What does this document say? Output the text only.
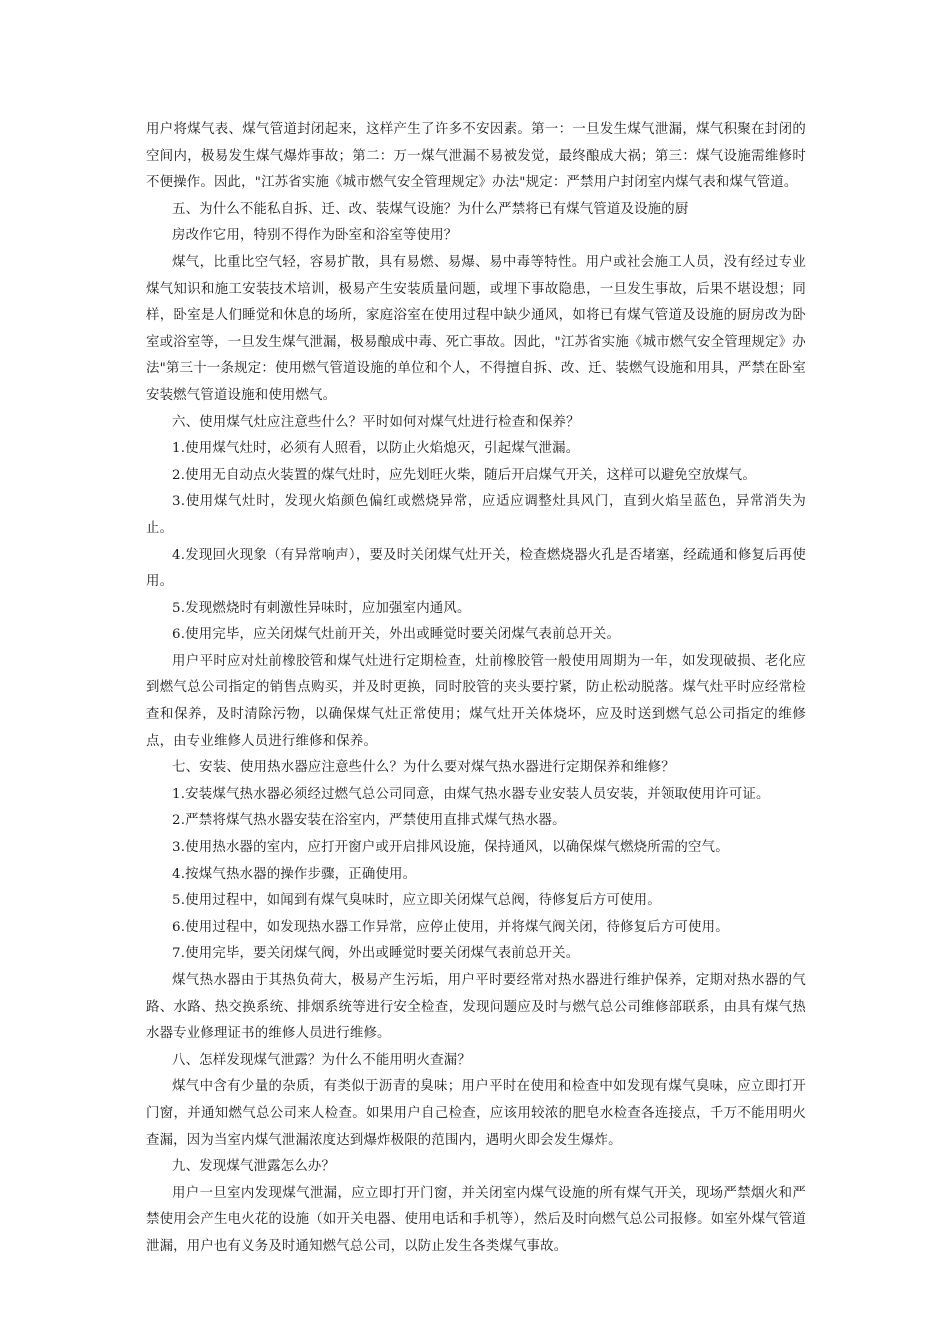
用户将煤气表、煤气管道封闭起来，这样产生了许多不安因素。第一：一旦发生煤气泄漏，煤气积聚在封闭的空间内，极易发生煤气爆炸事故；第二：万一煤气泄漏不易被发觉，最终酿成大祸；第三：煤气设施需维修时不便操作。因此，"江苏省实施《城市燃气安全管理规定》办法"规定：严禁用户封闭室内煤气表和煤气管道。

五、为什么不能私自拆、迁、改、装煤气设施？为什么严禁将已有煤气管道及设施的厨

房改作它用，特别不得作为卧室和浴室等使用？

煤气，比重比空气轻，容易扩散，具有易燃、易爆、易中毒等特性。用户或社会施工人员，没有经过专业煤气知识和施工安装技术培训，极易产生安装质量问题，或埋下事故隐患，一旦发生事故，后果不堪设想；同样，卧室是人们睡觉和休息的场所，家庭浴室在使用过程中缺少通风，如将已有煤气管道及设施的厨房改为卧室或浴室等，一旦发生煤气泄漏，极易酿成中毒、死亡事故。因此，"江苏省实施《城市燃气安全管理规定》办法"第三十一条规定：使用燃气管道设施的单位和个人，不得擅自拆、改、迁、装燃气设施和用具，严禁在卧室安装燃气管道设施和使用燃气。

六、使用煤气灶应注意些什么？平时如何对煤气灶进行检查和保养？

1.使用煤气灶时，必须有人照看，以防止火焰熄灭，引起煤气泄漏。

2.使用无自动点火装置的煤气灶时，应先划旺火柴，随后开启煤气开关，这样可以避免空放煤气。

3.使用煤气灶时，发现火焰颜色偏红或燃烧异常，应适应调整灶具风门，直到火焰呈蓝色，异常消失为止。

4.发现回火现象（有异常响声），要及时关闭煤气灶开关，检查燃烧器火孔是否堵塞，经疏通和修复后再使用。

5.发现燃烧时有刺激性异味时，应加强室内通风。

6.使用完毕，应关闭煤气灶前开关，外出或睡觉时要关闭煤气表前总开关。

用户平时应对灶前橡胶管和煤气灶进行定期检查，灶前橡胶管一般使用周期为一年，如发现破损、老化应到燃气总公司指定的销售点购买，并及时更换，同时胶管的夹头要拧紧，防止松动脱落。煤气灶平时应经常检查和保养，及时清除污物，以确保煤气灶正常使用；煤气灶开关体烧坏，应及时送到燃气总公司指定的维修点，由专业维修人员进行维修和保养。

七、安装、使用热水器应注意些什么？为什么要对煤气热水器进行定期保养和维修？

1.安装煤气热水器必须经过燃气总公司同意，由煤气热水器专业安装人员安装，并领取使用许可证。

2.严禁将煤气热水器安装在浴室内，严禁使用直排式煤气热水器。

3.使用热水器的室内，应打开窗户或开启排风设施，保持通风，以确保煤气燃烧所需的空气。

4.按煤气热水器的操作步骤，正确使用。

5.使用过程中，如闻到有煤气臭味时，应立即关闭煤气总阀，待修复后方可使用。

6.使用过程中，如发现热水器工作异常，应停止使用，并将煤气阀关闭，待修复后方可使用。

7.使用完毕，要关闭煤气阀，外出或睡觉时要关闭煤气表前总开关。

煤气热水器由于其热负荷大，极易产生污垢，用户平时要经常对热水器进行维护保养，定期对热水器的气路、水路、热交换系统、排烟系统等进行安全检查，发现问题应及时与燃气总公司维修部联系，由具有煤气热水器专业修理证书的维修人员进行维修。

八、怎样发现煤气泄露？为什么不能用明火查漏？

煤气中含有少量的杂质，有类似于沥青的臭味；用户平时在使用和检查中如发现有煤气臭味，应立即打开门窗，并通知燃气总公司来人检查。如果用户自己检查，应该用较浓的肥皂水检查各连接点，千万不能用明火查漏，因为当室内煤气泄漏浓度达到爆炸极限的范围内，遇明火即会发生爆炸。

九、发现煤气泄露怎么办？

用户一旦室内发现煤气泄漏，应立即打开门窗，并关闭室内煤气设施的所有煤气开关，现场严禁烟火和严禁使用会产生电火花的设施（如开关电器、使用电话和手机等），然后及时向燃气总公司报修。如室外煤气管道泄漏，用户也有义务及时通知燃气总公司，以防止发生各类煤气事故。
